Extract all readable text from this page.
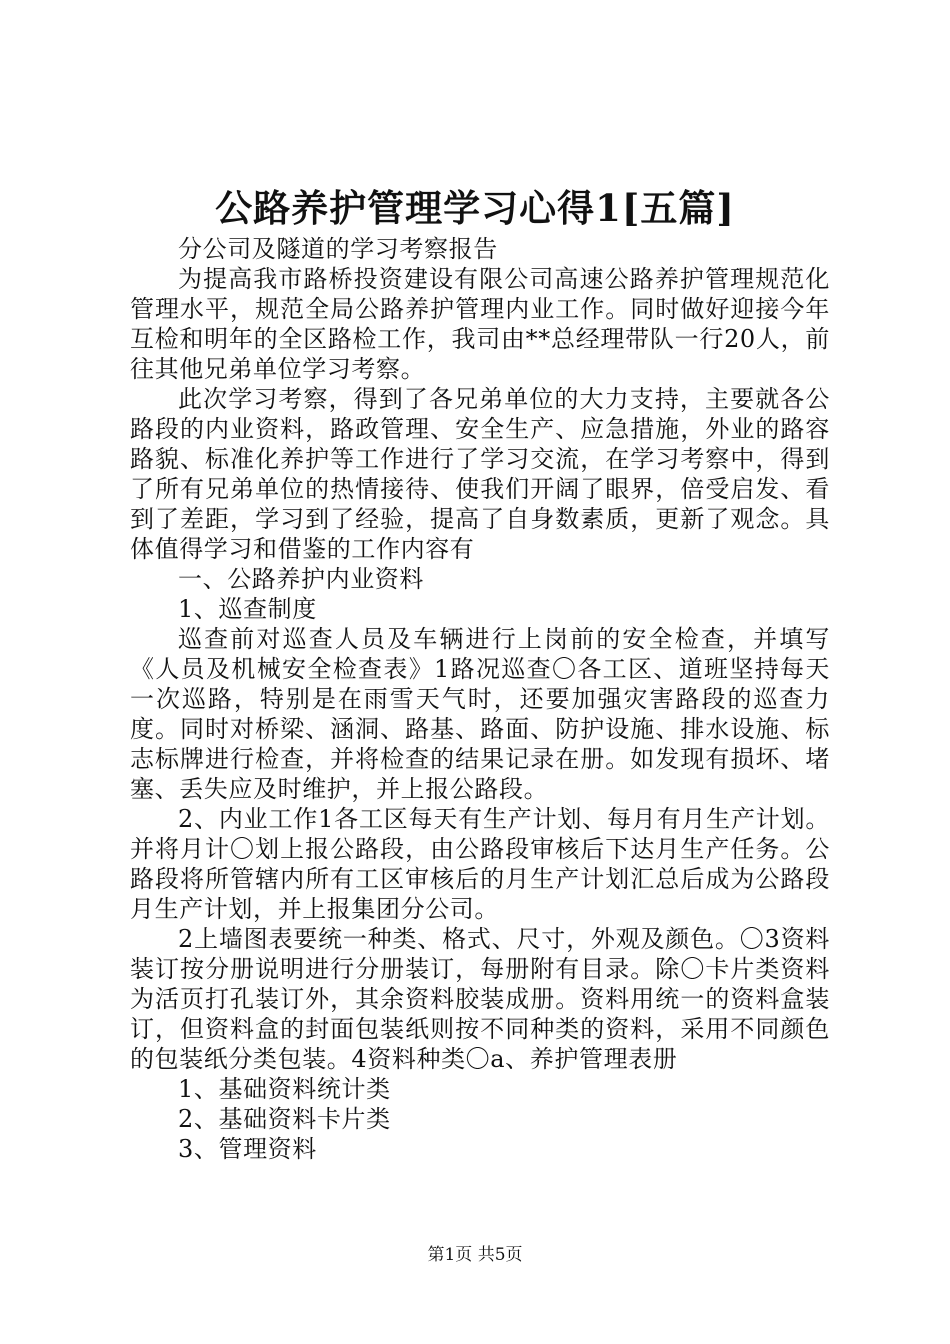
公路养护管理学习心得1[五篇]

分公司及隧道的学习考察报告

为提高我市路桥投资建设有限公司高速公路养护管理规范化管理水平，规范全局公路养护管理内业工作。同时做好迎接今年互检和明年的全区路检工作，我司由**总经理带队一行20人，前往其他兄弟单位学习考察。

此次学习考察，得到了各兄弟单位的大力支持，主要就各公路段的内业资料，路政管理、安全生产、应急措施，外业的路容路貌、标准化养护等工作进行了学习交流，在学习考察中，得到了所有兄弟单位的热情接待、使我们开阔了眼界，倍受启发、看到了差距，学习到了经验，提高了自身数素质，更新了观念。具体值得学习和借鉴的工作内容有

一、公路养护内业资料

1、巡查制度

巡查前对巡查人员及车辆进行上岗前的安全检查，并填写《人员及机械安全检查表》1路况巡查〇各工区、道班坚持每天一次巡路，特别是在雨雪天气时，还要加强灾害路段的巡查力度。同时对桥梁、涵洞、路基、路面、防护设施、排水设施、标志标牌进行检查，并将检查的结果记录在册。如发现有损坏、堵塞、丢失应及时维护，并上报公路段。

2、内业工作1各工区每天有生产计划、每月有月生产计划。并将月计〇划上报公路段，由公路段审核后下达月生产任务。公路段将所管辖内所有工区审核后的月生产计划汇总后成为公路段月生产计划，并上报集团分公司。

2上墙图表要统一种类、格式、尺寸，外观及颜色。〇3资料装订按分册说明进行分册装订，每册附有目录。除〇卡片类资料为活页打孔装订外，其余资料胶装成册。资料用统一的资料盒装订，但资料盒的封面包装纸则按不同种类的资料，采用不同颜色的包装纸分类包装。4资料种类〇a、养护管理表册

1、基础资料统计类

2、基础资料卡片类

3、管理资料

第1页 共5页
